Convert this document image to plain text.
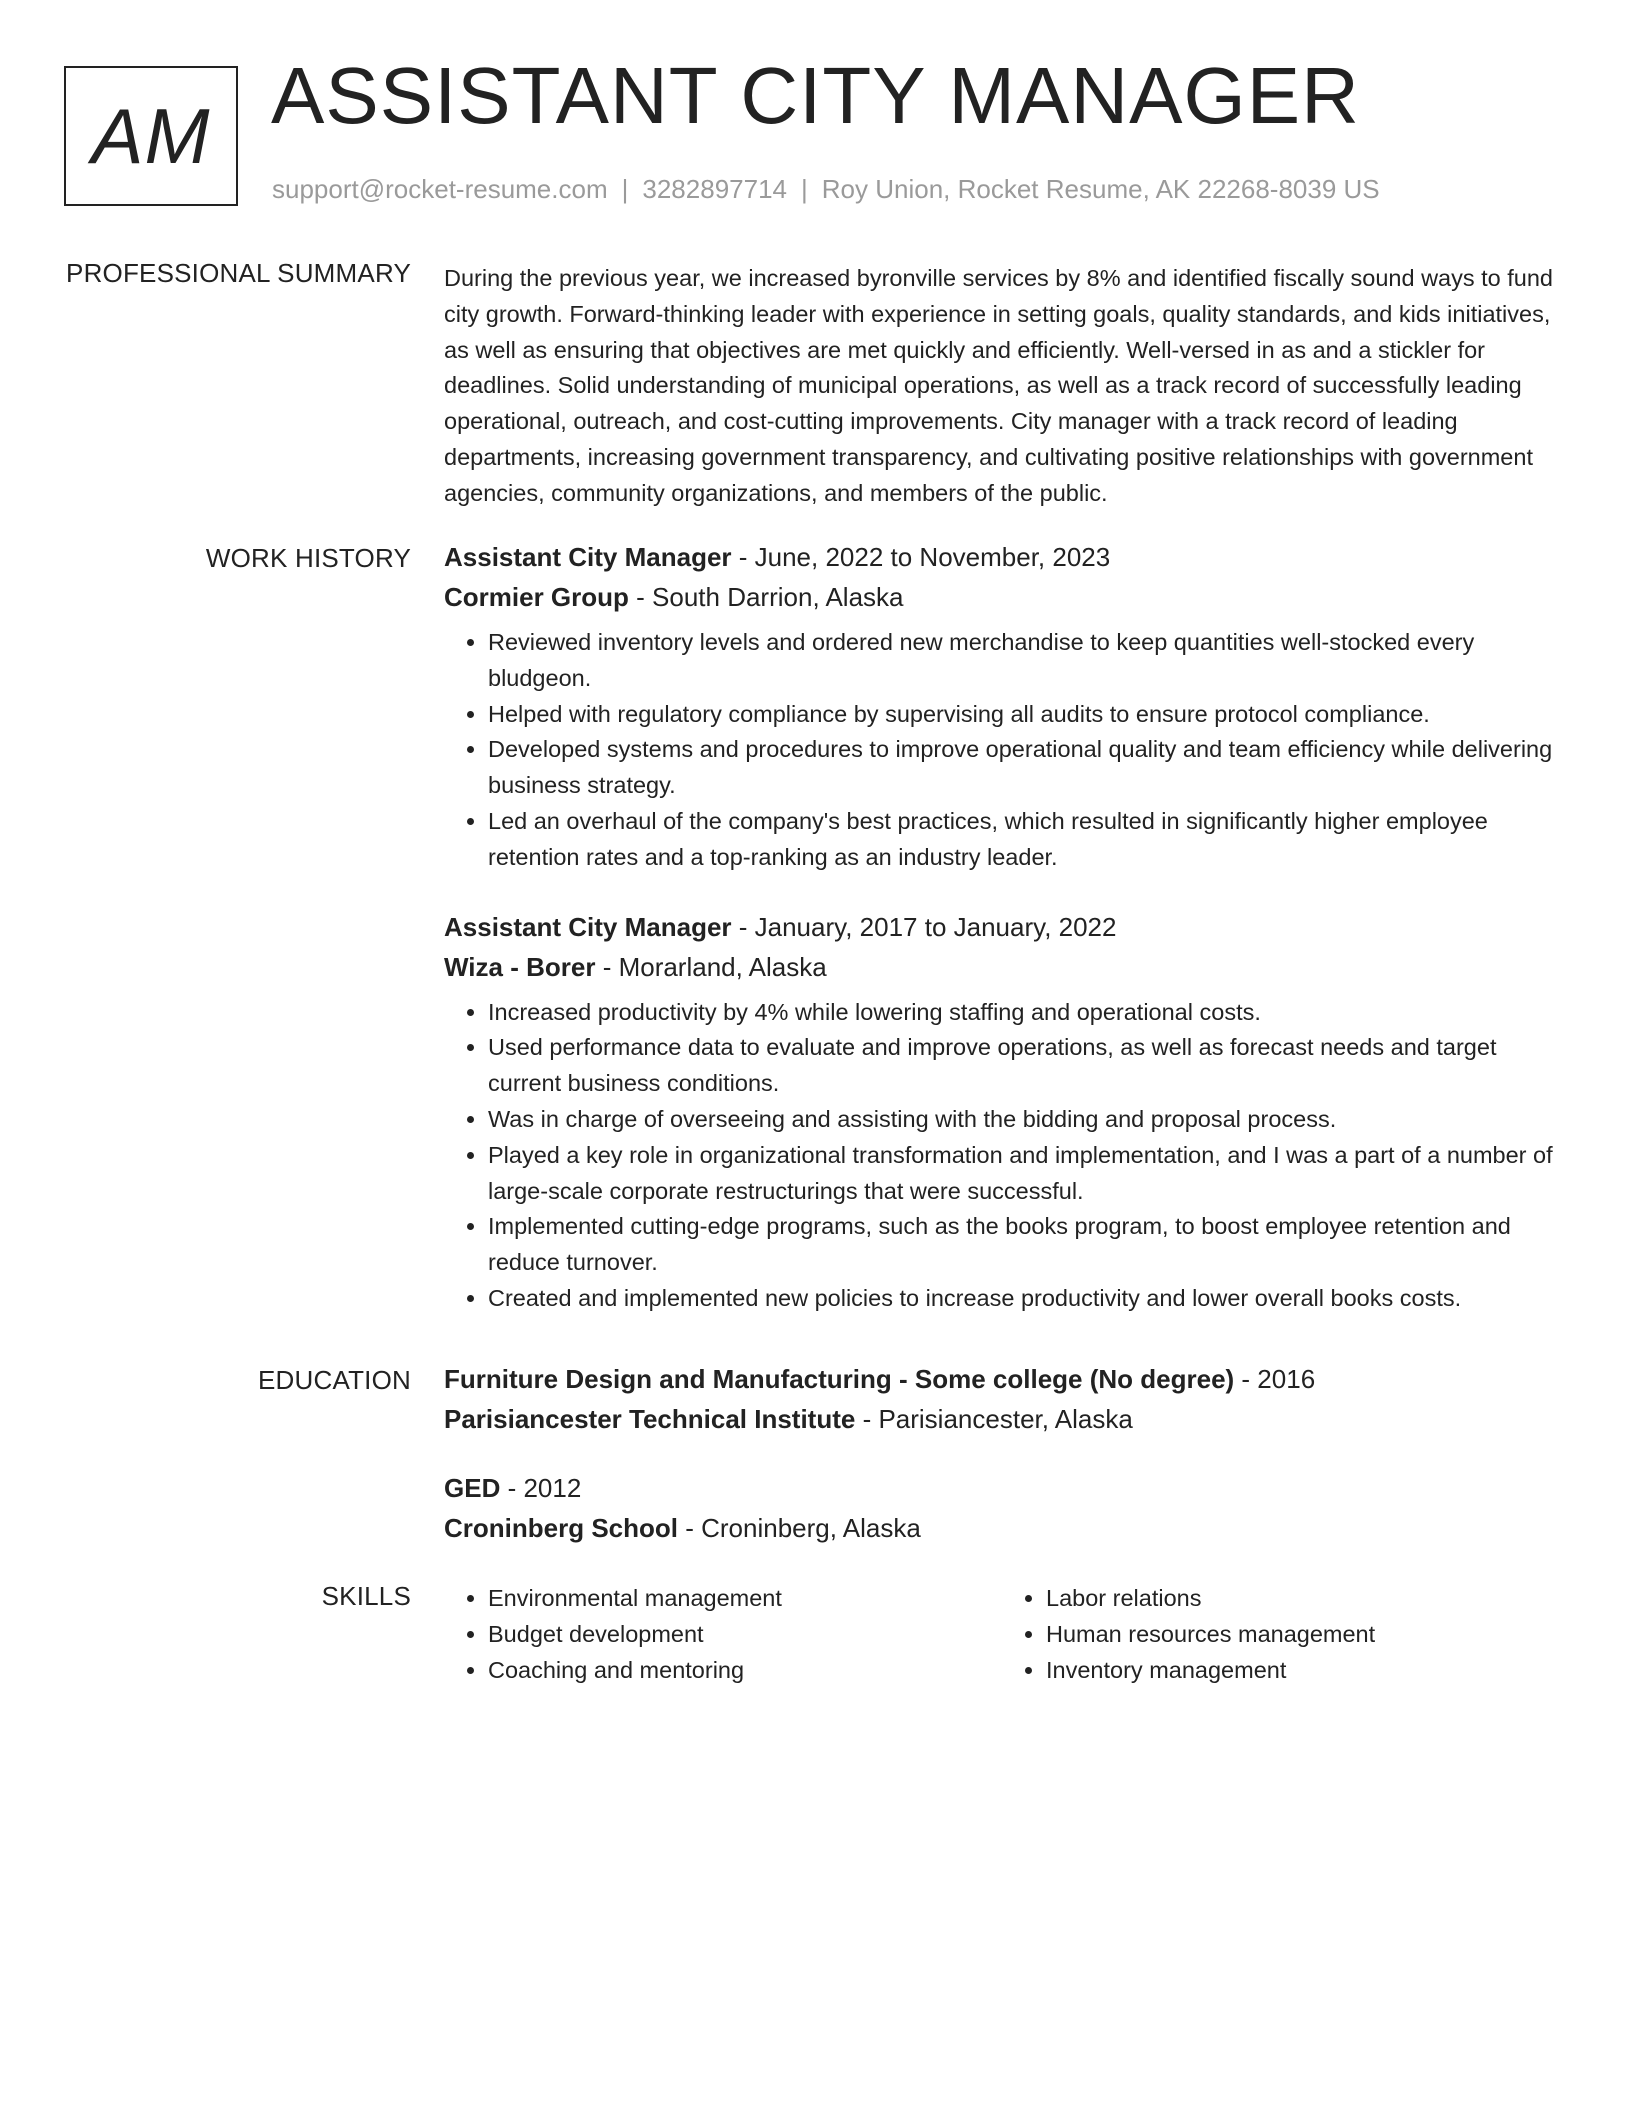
AM ASSISTANT CITY MANAGER
support@rocket-resume.com | 3282897714 | Roy Union, Rocket Resume, AK 22268-8039 US
PROFESSIONAL SUMMARY During the previous year, we increased byronville services by 8% and identified fiscally sound ways to fund city growth. Forward-thinking leader with experience in setting goals, quality standards, and kids initiatives, as well as ensuring that objectives are met quickly and efficiently. Well-versed in as and a stickler for deadlines. Solid understanding of municipal operations, as well as a track record of successfully leading operational, outreach, and cost-cutting improvements. City manager with a track record of leading departments, increasing government transparency, and cultivating positive relationships with government agencies, community organizations, and members of the public.

WORK HISTORY Assistant City Manager - June, 2022 to November, 2023

Cormier Group - South Darrion, Alaska

• Reviewed inventory levels and ordered new merchandise to keep quantities well-stocked every bludgeon.
• Helped with regulatory compliance by supervising all audits to ensure protocol compliance.
• Developed systems and procedures to improve operational quality and team efficiency while delivering business strategy.
• Led an overhaul of the company's best practices, which resulted in significantly higher employee retention rates and a top-ranking as an industry leader.

Assistant City Manager - January, 2017 to January, 2022

Wiza - Borer - Morarland, Alaska

• Increased productivity by 4% while lowering staffing and operational costs.
• Used performance data to evaluate and improve operations, as well as forecast needs and target current business conditions.
• Was in charge of overseeing and assisting with the bidding and proposal process.
• Played a key role in organizational transformation and implementation, and I was a part of a number of large-scale corporate restructurings that were successful.
• Implemented cutting-edge programs, such as the books program, to boost employee retention and reduce turnover.
• Created and implemented new policies to increase productivity and lower overall books costs.
EDUCATION Furniture Design and Manufacturing - Some college (No degree) - 2016

Parisiancester Technical Institute - Parisiancester, Alaska

GED - 2012

Croninberg School - Croninberg, Alaska

SKILLS
•	Environmental management
• Budget development
• Coaching and mentoring
• Labor relations
• Human resources management
• Inventory management
